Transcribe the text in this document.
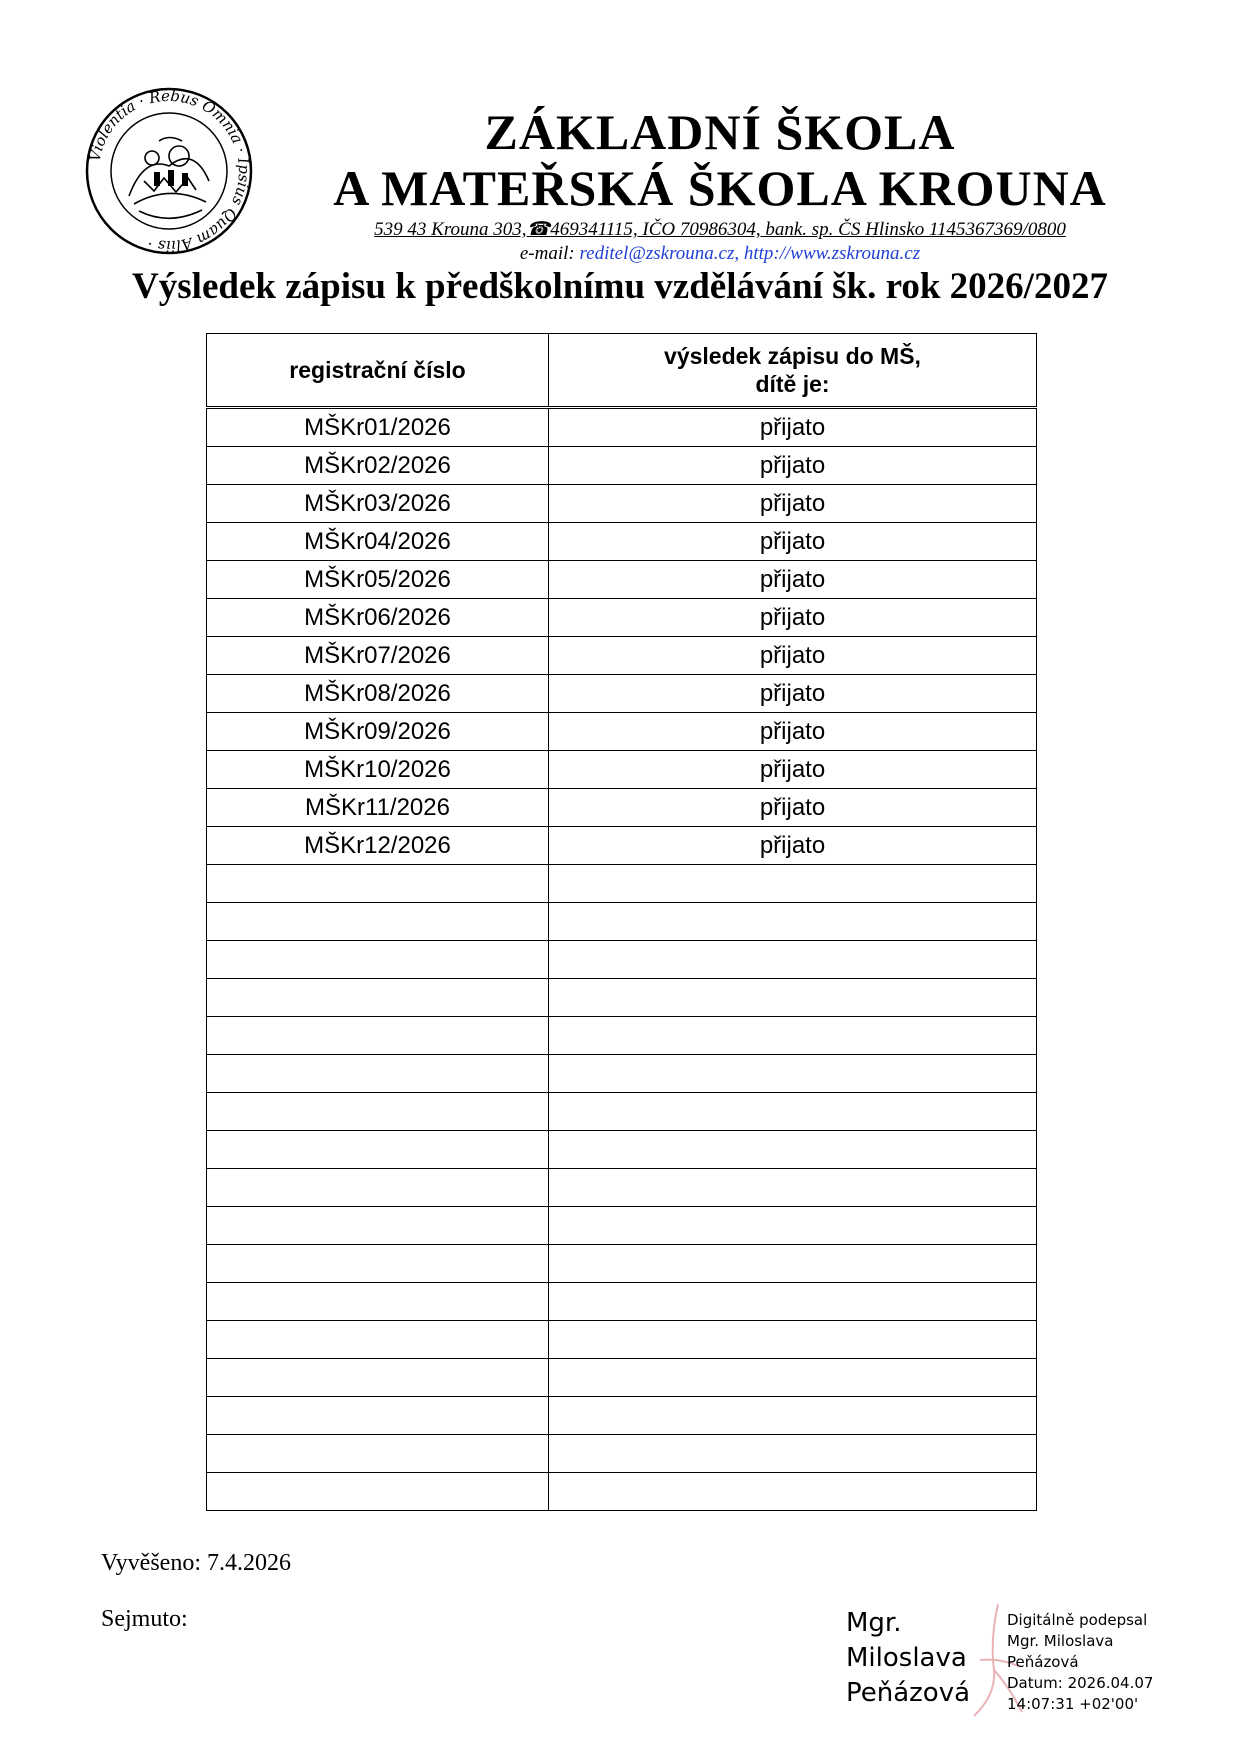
Violentia · Rebus Omnia · Ipsius Quam Aliis ·
ZÁKLADNÍ ŠKOLA
A MATEŘSKÁ ŠKOLA KROUNA
539 43 Krouna 303,☎469341115, IČO 70986304, bank. sp. ČS Hlinsko 1145367369/0800
e-mail: reditel@zskrouna.cz, http://www.zskrouna.cz
Výsledek zápisu k předškolnímu vzdělávání šk. rok 2026/2027
registrační číslo	výsledek zápisu do MŠ,
dítě je:
MŠKr01/2026	přijato
MŠKr02/2026	přijato
MŠKr03/2026	přijato
MŠKr04/2026	přijato
MŠKr05/2026	přijato
MŠKr06/2026	přijato
MŠKr07/2026	přijato
MŠKr08/2026	přijato
MŠKr09/2026	přijato
MŠKr10/2026	přijato
MŠKr11/2026	přijato
MŠKr12/2026	přijato

Vyvěšeno: 7.4.2026
Sejmuto:	Mgr.
Miloslava
Peňázová
Digitálně podepsal
Mgr. Miloslava
Peňázová
Datum: 2026.04.07
14:07:31 +02'00'
